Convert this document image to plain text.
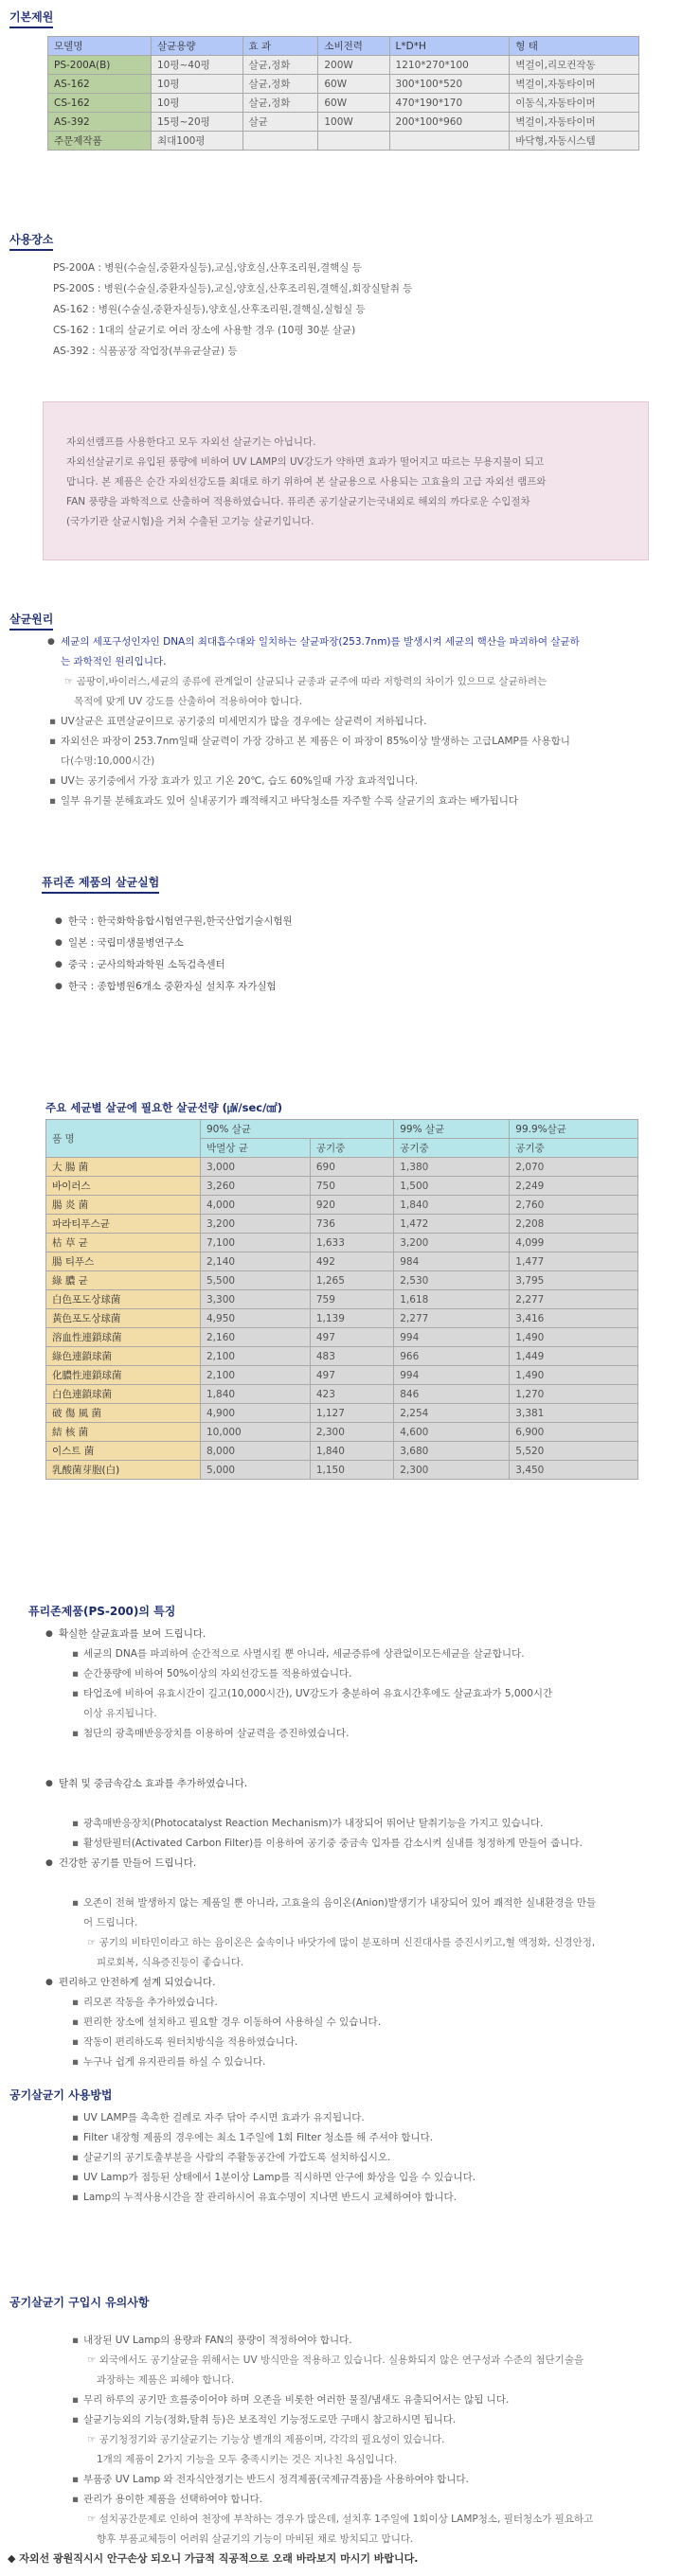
기본제원
모델명	살균용량	효 과	소비전력	L*D*H	형 태
PS-200A(B)	10평~40평	살균,정화	200W	1210*270*100	벽걸이,리모컨작동
AS-162	10평	살균,정화	60W	300*100*520	벽걸이,자동타이머
CS-162	10평	살균,정화	60W	470*190*170	이동식,자동타이머
AS-392	15평~20평	살균	100W	200*100*960	벽걸이,자동타이머
주문제작품	최대100평				바닥형,자동시스템
사용장소
PS-200A : 병원(수술실,중환자실등),교실,양호실,산후조리원,결핵실 등
PS-200S : 병원(수술실,중환자실등),교실,양호실,산후조리원,결핵실,회장실탈취 등
AS-162 : 병원(수술실,중환자실등),양호실,산후조리원,결핵실,실험실 등
CS-162 : 1대의 살균기로 여러 장소에 사용할 경우 (10평 30분 살균)
AS-392 : 식품공장 작업장(부유균살균) 등
자외선램프를 사용한다고 모두 자외선 살균기는 아닙니다.
자외선살균기로 유입된 풍량에 비하여 UV LAMP의 UV강도가 약하면 효과가 떨어지고 따르는 무용지물이 되고
맙니다. 본 제품은 순간 자외선강도를 최대로 하기 위하여 본 살균용으로 사용되는 고효율의 고급 자외선 램프와
FAN 풍량을 과학적으로 산출하여 적용하였습니다. 퓨리존 공기살균기는국내외로 해외의 까다로운 수입절차
(국가기관 살균시험)을 거쳐 수출된 고기능 살균기입니다.
살균원리
● 세균의 세포구성인자인 DNA의 최대흡수대와 일치하는 살균파장(253.7nm)를 발생시켜 세균의 핵산을 파괴하여 살균하
는 과학적인 원리입니다.
☞ 곰팡이,바이러스,세균의 종류에 관계없이 살균되나 균종과 균주에 따라 저항력의 차이가 있으므로 살균하려는
목적에 맞게 UV 강도를 산출하여 적용하여야 합니다.
▪ UV살균은 표면살균이므로 공기중의 미세먼지가 많을 경우에는 살균력이 저하됩니다.
▪ 자외선은 파장이 253.7nm일때 살균력이 가장 강하고 본 제품은 이 파장이 85%이상 발생하는 고급LAMP를 사용합니
다(수명:10,000시간)
▪ UV는 공기중에서 가장 효과가 있고 기온 20℃, 습도 60%일때 가장 효과적입니다.
▪ 일부 유기물 분해효과도 있어 실내공기가 쾌적해지고 바닥청소를 자주할 수록 살균기의 효과는 배가됩니다
퓨리존 제품의 살균실험
● 한국 : 한국화학융합시험연구원,한국산업기술시험원
● 일본 : 국립미생물병연구소
● 중국 : 군사의학과학원 소독검측센터
● 한국 : 종합병원6개소 중환자실 설치후 자가실험
주요 세균별 살균에 필요한 살균선량 (㎼/sec/㎠)
품 명	90% 살균		99% 살균	99.9%살균
	박멸상 균	공기중	공기중	공기중
大 腸 菌	3,000	690	1,380	2,070
바이러스	3,260	750	1,500	2,249
腸 炎 菌	4,000	920	1,840	2,760
파라티푸스균	3,200	736	1,472	2,208
枯 草 균	7,100	1,633	3,200	4,099
腸 티푸스	2,140	492	984	1,477
綠 膿 균	5,500	1,265	2,530	3,795
白色포도상球菌	3,300	759	1,618	2,277
黃色포도상球菌	4,950	1,139	2,277	3,416
溶血性連鎖球菌	2,160	497	994	1,490
綠色連鎖球菌	2,100	483	966	1,449
化膿性連鎖球菌	2,100	497	994	1,490
白色連鎖球菌	1,840	423	846	1,270
破 傷 風 菌	4,900	1,127	2,254	3,381
結 核 菌	10,000	2,300	4,600	6,900
이스트 菌	8,000	1,840	3,680	5,520
乳酸菌芽胞(白)	5,000	1,150	2,300	3,450
퓨리존제품(PS-200)의 특징
● 확실한 살균효과를 보여 드립니다.
▪ 세균의 DNA를 파괴하여 순간적으로 사멸시킬 뿐 아니라, 세균증류에 상관없이모든세균을 살균합니다.
▪ 순간풍량에 비하여 50%이상의 자외선강도를 적용하였습니다.
▪ 타업조에 비하여 유효시간이 길고(10,000시간), UV강도가 충분하여 유효시간후에도 살균효과가 5,000시간
이상 유지됩니다.
▪ 첨단의 광촉매반응장치를 이용하여 살균력을 증진하였습니다.
● 탈취 및 중금속감소 효과를 추가하였습니다.
▪ 광촉매반응장치(Photocatalyst Reaction Mechanism)가 내장되어 뛰어난 탈취기능을 가지고 있습니다.
▪ 활성탄필터(Activated Carbon Filter)를 이용하여 공기중 중금속 입자를 감소시켜 실내를 청정하게 만들어 줍니다.
● 건강한 공기를 만들어 드립니다.
▪ 오존이 전혀 발생하지 않는 제품일 뿐 아니라, 고효율의 음이온(Anion)발생기가 내장되어 있어 쾌적한 실내환경을 만들
어 드립니다.
☞ 공기의 비타민이라고 하는 음이온은 숲속이나 바닷가에 많이 분포하며 신진대사를 증진시키고,혈 액정화, 신경안정,
피로회복, 식욕증진등이 좋습니다.
● 편리하고 안전하게 설계 되었습니다.
▪ 리모콘 작동을 추가하였습니다.
▪ 편리한 장소에 설치하고 필요할 경우 이동하여 사용하실 수 있습니다.
▪ 작동이 편리하도록 원터치방식을 적용하였습니다.
▪ 누구나 쉽게 유지관리를 하실 수 있습니다.
공기살균기 사용방법
▪ UV LAMP를 촉촉한 걸레로 자주 닦아 주시면 효과가 유지됩니다.
▪ Filter 내장형 제품의 경우에는 최소 1주일에 1회 Filter 청소를 해 주셔야 합니다.
▪ 살균기의 공기토출부분을 사람의 주활동공간에 가깝도록 설치하십시오.
▪ UV Lamp가 점등된 상태에서 1분이상 Lamp를 직시하면 안구에 화상을 입을 수 있습니다.
▪ Lamp의 누적사용시간을 잘 관리하시어 유효수명이 지나면 반드시 교체하여야 합니다.
공기살균기 구입시 유의사항
▪ 내장된 UV Lamp의 용량과 FAN의 풍량이 적정하여야 합니다.
☞ 외국에서도 공기살균을 위해서는 UV 방식만을 적용하고 있습니다. 실용화되지 않은 연구성과 수준의 첨단기술을
과장하는 제품은 피해야 합니다.
▪ 무리 하루의 공기만 흐를중이어야 하며 오존을 비롯한 여러한 물질/냄새도 유출되어서는 않됩 니다.
▪ 살균기능외의 기능(정화,탈취 등)은 보조적인 기능정도로만 구매시 참고하시면 됩니다.
☞ 공기청정기와 공기살균기는 기능상 별개의 제품이며, 각각의 필요성이 있습니다.
1개의 제품이 2가지 기능을 모두 충족시키는 것은 지나친 욕심입니다.
▪ 부품중 UV Lamp 와 전자식안정기는 반드시 정격제품(국제규격품)을 사용하여야 합니다.
▪ 관리가 용이한 제품을 선택하여야 합니다.
☞ 설치공간문제로 인하여 천장에 부착하는 경우가 많은데, 설치후 1주일에 1회이상 LAMP청소, 필터청소가 필요하고
향후 부품교체등이 어려워 살균기의 기능이 마비된 채로 방치되고 맙니다.
◆ 자외선 광원직시시 안구손상 되오니 가급적 직공적으로 오래 바라보지 마시기 바랍니다.
